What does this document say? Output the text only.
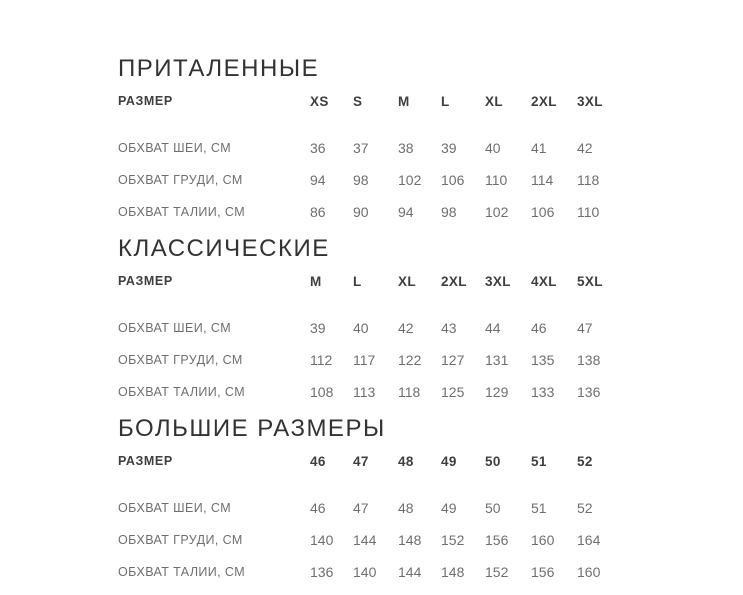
ПРИТАЛЕННЫЕ
РАЗМЕР	XS	S	M	L	XL	2XL	3XL
ОБХВАТ ШЕИ, СМ	36	37	38	39	40	41	42
ОБХВАТ ГРУДИ, СМ	94	98	102	106	110	114	118
ОБХВАТ ТАЛИИ, СМ	86	90	94	98	102	106	110
КЛАССИЧЕСКИЕ
РАЗМЕР	M	L	XL	2XL	3XL	4XL	5XL
ОБХВАТ ШЕИ, СМ	39	40	42	43	44	46	47
ОБХВАТ ГРУДИ, СМ	112	117	122	127	131	135	138
ОБХВАТ ТАЛИИ, СМ	108	113	118	125	129	133	136
БОЛЬШИЕ РАЗМЕРЫ
РАЗМЕР	46	47	48	49	50	51	52
ОБХВАТ ШЕИ, СМ	46	47	48	49	50	51	52
ОБХВАТ ГРУДИ, СМ	140	144	148	152	156	160	164
ОБХВАТ ТАЛИИ, СМ	136	140	144	148	152	156	160
